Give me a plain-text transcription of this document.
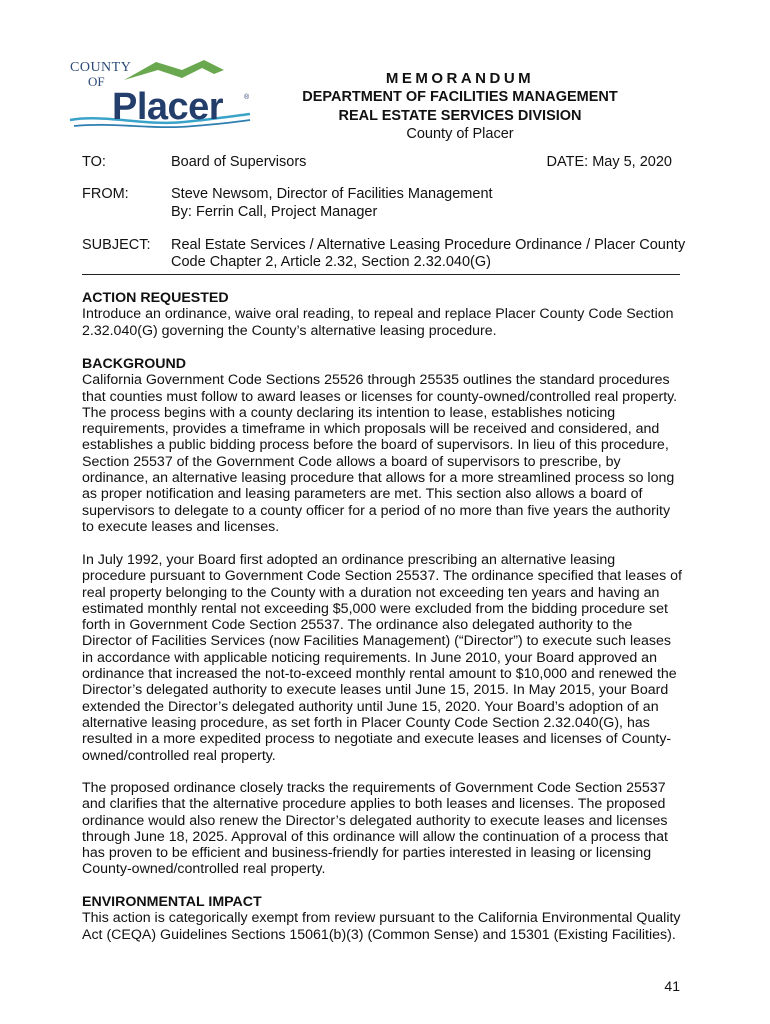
COUNTY
OF
Placer	®
MEMORANDUM
DEPARTMENT OF FACILITIES MANAGEMENT
REAL ESTATE SERVICES DIVISION
County of Placer
TO:	Board of Supervisors	DATE: May 5, 2020
FROM:	Steve Newsom, Director of Facilities Management
By: Ferrin Call, Project Manager
SUBJECT: Real Estate Services / Alternative Leasing Procedure Ordinance / Placer County
Code Chapter 2, Article 2.32, Section 2.32.040(G)
ACTION REQUESTED
Introduce an ordinance, waive oral reading, to repeal and replace Placer County Code Section 2.32.040(G) governing the County’s alternative leasing procedure.
BACKGROUND
California Government Code Sections 25526 through 25535 outlines the standard procedures that counties must follow to award leases or licenses for county-owned/controlled real property. The process begins with a county declaring its intention to lease, establishes noticing requirements, provides a timeframe in which proposals will be received and considered, and establishes a public bidding process before the board of supervisors. In lieu of this procedure, Section 25537 of the Government Code allows a board of supervisors to prescribe, by ordinance, an alternative leasing procedure that allows for a more streamlined process so long as proper notification and leasing parameters are met. This section also allows a board of supervisors to delegate to a county officer for a period of no more than five years the authority to execute leases and licenses.
In July 1992, your Board first adopted an ordinance prescribing an alternative leasing procedure pursuant to Government Code Section 25537. The ordinance specified that leases of real property belonging to the County with a duration not exceeding ten years and having an estimated monthly rental not exceeding $5,000 were excluded from the bidding procedure set forth in Government Code Section 25537. The ordinance also delegated authority to the Director of Facilities Services (now Facilities Management) (“Director”) to execute such leases in accordance with applicable noticing requirements. In June 2010, your Board approved an ordinance that increased the not-to-exceed monthly rental amount to $10,000 and renewed the Director’s delegated authority to execute leases until June 15, 2015. In May 2015, your Board extended the Director’s delegated authority until June 15, 2020. Your Board’s adoption of an alternative leasing procedure, as set forth in Placer County Code Section 2.32.040(G), has resulted in a more expedited process to negotiate and execute leases and licenses of County-owned/controlled real property.
The proposed ordinance closely tracks the requirements of Government Code Section 25537 and clarifies that the alternative procedure applies to both leases and licenses. The proposed ordinance would also renew the Director’s delegated authority to execute leases and licenses through June 18, 2025. Approval of this ordinance will allow the continuation of a process that has proven to be efficient and business-friendly for parties interested in leasing or licensing County-owned/controlled real property.
ENVIRONMENTAL IMPACT
This action is categorically exempt from review pursuant to the California Environmental Quality Act (CEQA) Guidelines Sections 15061(b)(3) (Common Sense) and 15301 (Existing Facilities).
41
